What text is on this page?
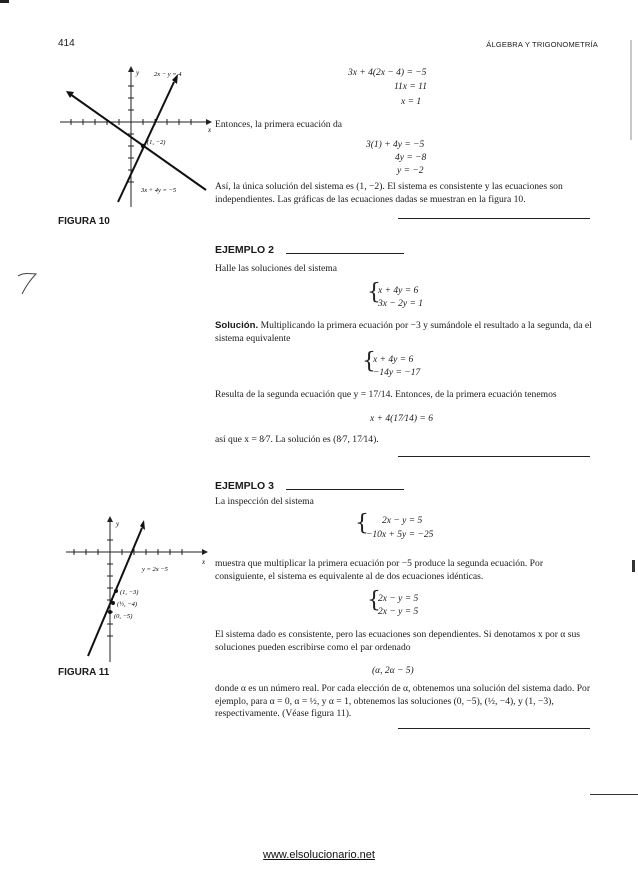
414	ÁLGEBRA Y TRIGONOMETRÍA
y
x
2x − y = 4
(1, −2)
3x + 4y = −5
FIGURA 10
3x + 4(2x − 4) = −5
11x = 11
x = 1
Entonces, la primera ecuación da
3(1) + 4y = −5
4y = −8
y = −2
Así, la única solución del sistema es (1, −2). El sistema es consistente y las ecuaciones son independientes. Las gráficas de las ecuaciones dadas se muestran en la figura 10.
EJEMPLO 2
Halle las soluciones del sistema
{
x + 4y = 6
3x − 2y = 1
Solución. Multiplicando la primera ecuación por −3 y sumándole el resultado a la segunda, da el sistema equivalente
{
x + 4y = 6
−14y = −17
Resulta de la segunda ecuación que y = 17/14. Entonces, de la primera ecuación tenemos
x + 4(17⁄14) = 6
así que x = 8⁄7. La solución es (8⁄7, 17⁄14).
EJEMPLO 3
La inspección del sistema
{ 2x − y = 5
−10x + 5y = −25
muestra que multiplicar la primera ecuación por −5 produce la segunda ecuación. Por consiguiente, el sistema es equivalente al de dos ecuaciones idénticas.
{
2x − y = 5
2x − y = 5
El sistema dado es consistente, pero las ecuaciones son dependientes. Si denotamos x por α sus soluciones pueden escribirse como el par ordenado
(α, 2α − 5)
donde α es un número real. Por cada elección de α, obtenemos una solución del sistema dado. Por ejemplo, para α = 0, α = ½, y α = 1, obtenemos las soluciones (0, −5), (½, −4), y (1, −3), respectivamente. (Véase figura 11).
y
x
y = 2x −5
(1, −3)
(½, −4)
(0, −5)
FIGURA 11
www.elsolucionario.net
